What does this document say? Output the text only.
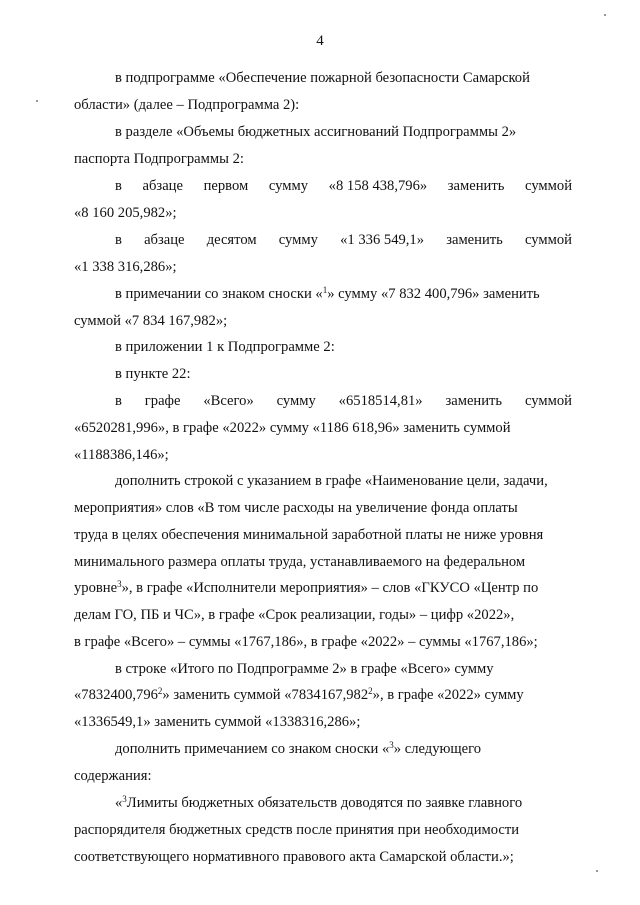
4
в подпрограмме «Обеспечение пожарной безопасности Самарской
области» (далее – Подпрограмма 2):
в разделе «Объемы бюджетных ассигнований Подпрограммы 2»
паспорта Подпрограммы 2:
в абзаце первом сумму «8 158 438,796» заменить суммой
«8 160 205,982»;
в абзаце десятом сумму «1 336 549,1» заменить суммой
«1 338 316,286»;
в примечании со знаком сноски «$^1$» сумму «7 832 400,796» заменить
суммой «7 834 167,982»;
в приложении 1 к Подпрограмме 2:
в пункте 22:
в графе «Всего» сумму «6518514,81» заменить суммой
«6520281,996», в графе «2022» сумму «1186 618,96» заменить суммой
«1188386,146»;
дополнить строкой с указанием в графе «Наименование цели, задачи,
мероприятия» слов «В том числе расходы на увеличение фонда оплаты
труда в целях обеспечения минимальной заработной платы не ниже уровня
минимального размера оплаты труда, устанавливаемого на федеральном
уровне$^3$», в графе «Исполнители мероприятия» – слов «ГКУСО «Центр по
делам ГО, ПБ и ЧС», в графе «Срок реализации, годы» – цифр «2022»,
в графе «Всего» – суммы «1767,186», в графе «2022» – суммы «1767,186»;
в строке «Итого по Подпрограмме 2» в графе «Всего» сумму
«7832400,796$^2$» заменить суммой «7834167,982$^2$», в графе «2022» сумму
«1336549,1» заменить суммой «1338316,286»;
дополнить примечанием со знаком сноски «$^3$» следующего
содержания:
«$^3$Лимиты бюджетных обязательств доводятся по заявке главного
распорядителя бюджетных средств после принятия при необходимости
соответствующего нормативного правового акта Самарской области.»;
